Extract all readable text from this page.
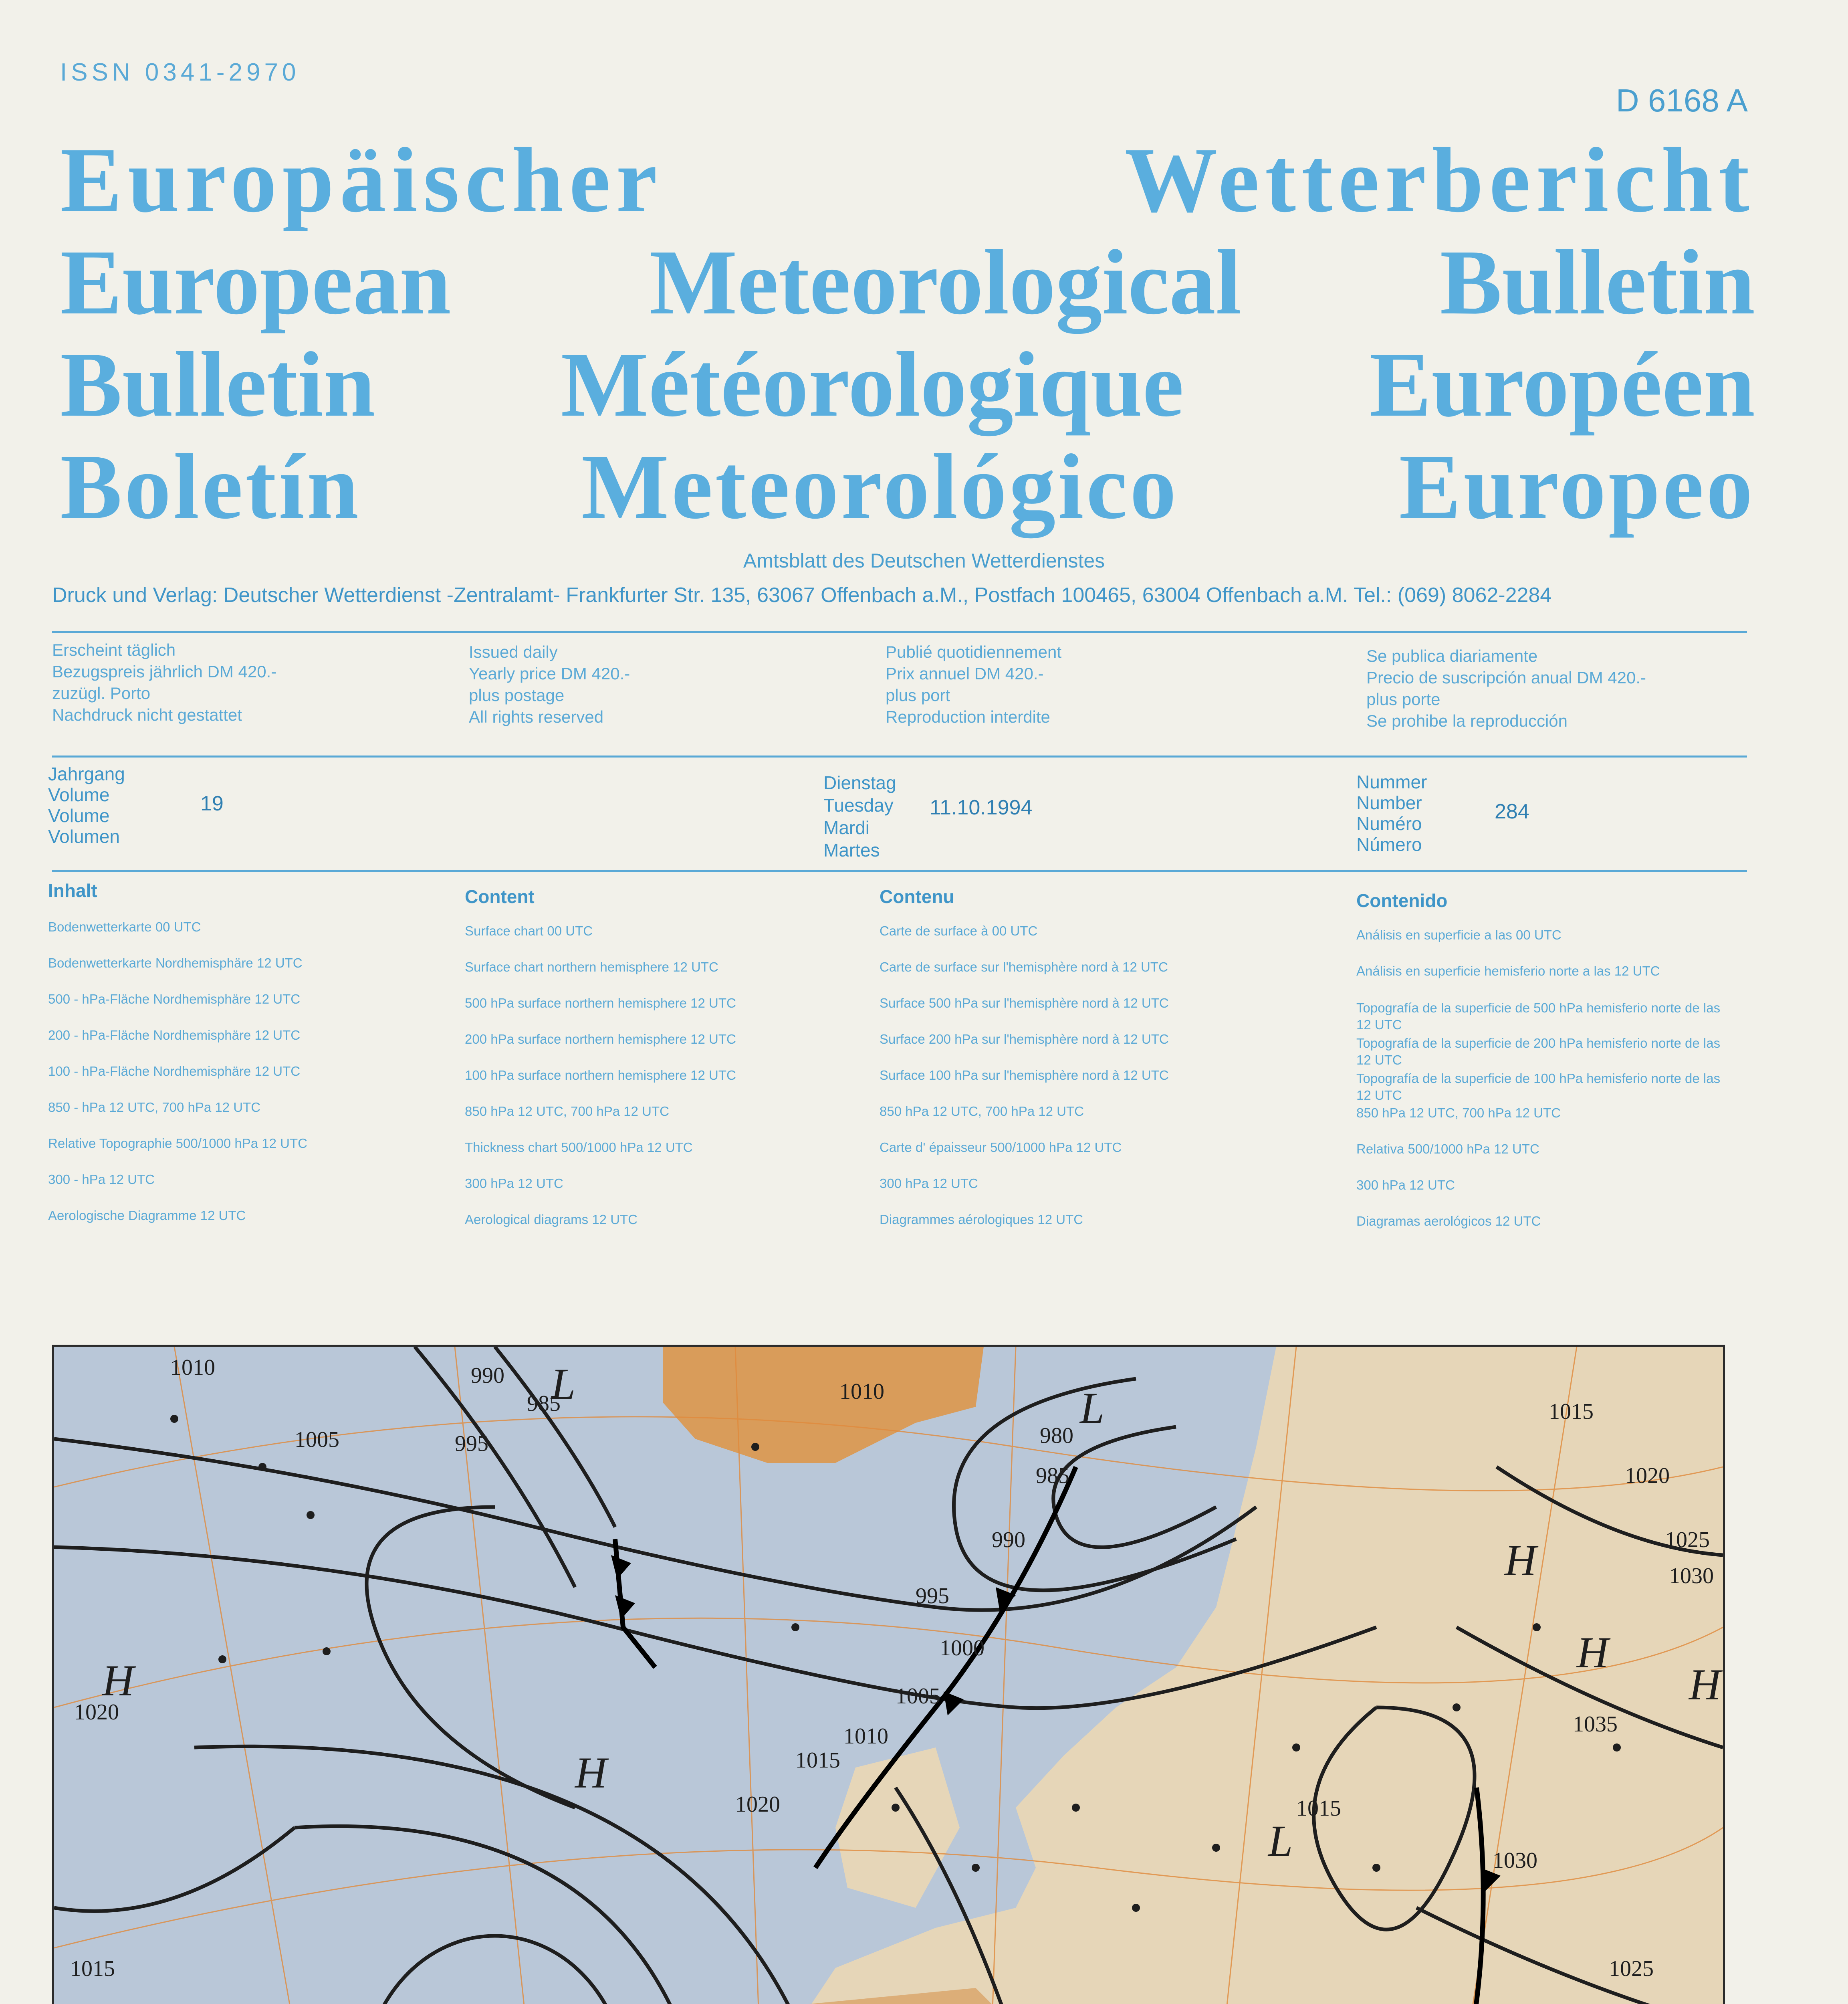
ISSN 0341-2970
D 6168 A
Europäischer Wetterbericht
European Meteorological Bulletin
Bulletin Météorologique Européen
Boletín Meteorológico Europeo
Amtsblatt des Deutschen Wetterdienstes
Druck und Verlag: Deutscher Wetterdienst -Zentralamt- Frankfurter Str. 135, 63067 Offenbach a.M., Postfach 100465, 63004 Offenbach a.M. Tel.: (069) 8062-2284
Erscheint täglich
Bezugspreis jährlich DM 420.-
zuzügl. Porto
Nachdruck nicht gestattet
Issued daily
Yearly price DM 420.-
plus postage
All rights reserved
Publié quotidiennement
Prix annuel DM 420.-
plus port
Reproduction interdite
Se publica diariamente
Precio de suscripción anual DM 420.-
plus porte
Se prohibe la reproducción
Jahrgang
Volume
Volume
Volumen
19
Dienstag
Tuesday
Mardi
Martes
11.10.1994
Nummer
Number
Numéro
Número
284
Inhalt
Bodenwetterkarte 00 UTC
Bodenwetterkarte Nordhemisphäre 12 UTC
500 - hPa-Fläche Nordhemisphäre 12 UTC
200 - hPa-Fläche Nordhemisphäre 12 UTC
100 - hPa-Fläche Nordhemisphäre 12 UTC
850 - hPa 12 UTC, 700 hPa 12 UTC
Relative Topographie 500/1000 hPa 12 UTC
300 - hPa 12 UTC
Aerologische Diagramme 12 UTC
Content
Surface chart 00 UTC
Surface chart northern hemisphere 12 UTC
500 hPa surface northern hemisphere 12 UTC
200 hPa surface northern hemisphere 12 UTC
100 hPa surface northern hemisphere 12 UTC
850 hPa 12 UTC, 700 hPa 12 UTC
Thickness chart 500/1000 hPa 12 UTC
300 hPa 12 UTC
Aerological diagrams 12 UTC
Contenu
Carte de surface à 00 UTC
Carte de surface sur l'hemisphère nord à 12 UTC
Surface 500 hPa sur l'hemisphère nord à 12 UTC
Surface 200 hPa sur l'hemisphère nord à 12 UTC
Surface 100 hPa sur l'hemisphère nord à 12 UTC
850 hPa 12 UTC, 700 hPa 12 UTC
Carte d' épaisseur 500/1000 hPa 12 UTC
300 hPa 12 UTC
Diagrammes aérologiques 12 UTC
Contenido
Análisis en superficie a las 00 UTC
Análisis en superficie hemisferio norte a las 12 UTC
Topografía de la superficie de 500 hPa hemisferio norte de las 12 UTC
Topografía de la superficie de 200 hPa hemisferio norte de las 12 UTC
Topografía de la superficie de 100 hPa hemisferio norte de las 12 UTC
850 hPa 12 UTC, 700 hPa 12 UTC
Relativa 500/1000 hPa 12 UTC
300 hPa 12 UTC
Diagramas aerológicos 12 UTC
1010	990
985
995
1005
1010
980
985
990
995
1000
1005
1010
1015
1020
1015
1020
1025
1030
1035
1030
1025
1015
1015
1020
H
H
H
H
H
L	L
L
